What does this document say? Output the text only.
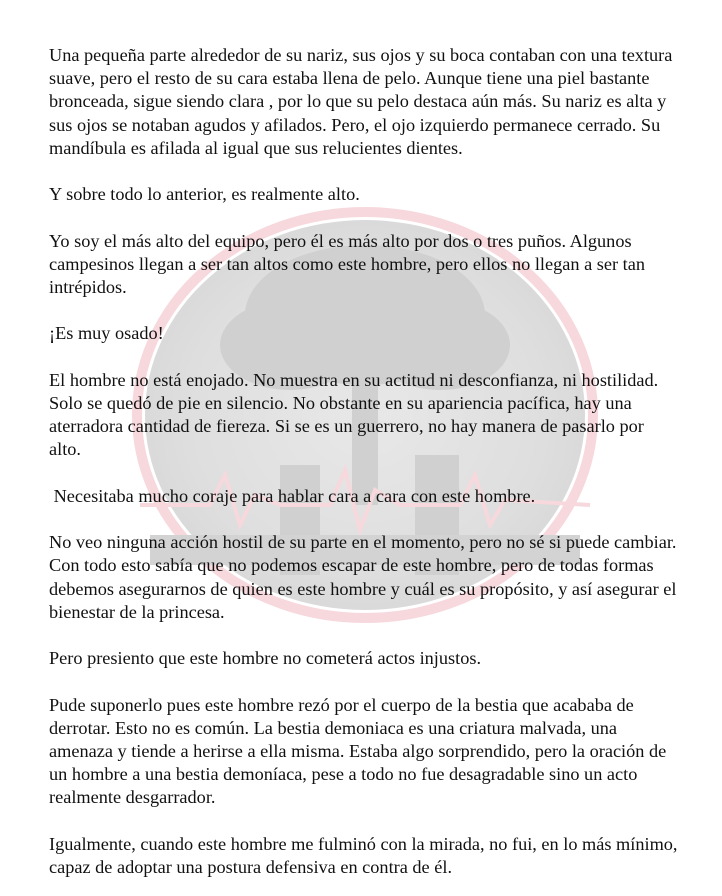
Una pequeña parte alrededor de su nariz, sus ojos y su boca contaban con una textura suave, pero el resto de su cara estaba llena de pelo. Aunque tiene una piel bastante bronceada, sigue siendo clara , por lo que su pelo destaca aún más. Su nariz es alta y sus ojos se notaban agudos y afilados. Pero, el ojo izquierdo permanece cerrado. Su mandíbula es afilada al igual que sus relucientes dientes.

Y sobre todo lo anterior, es realmente alto.

Yo soy el más alto del equipo, pero él es más alto por dos o tres puños. Algunos campesinos llegan a ser tan altos como este hombre, pero ellos no llegan a ser tan intrépidos.

¡Es muy osado!

El hombre no está enojado. No muestra en su actitud ni desconfianza, ni hostilidad. Solo se quedó de pie en silencio. No obstante en su apariencia pacífica, hay una aterradora cantidad de fiereza. Si se es un guerrero, no hay manera de pasarlo por alto.

Necesitaba mucho coraje para hablar cara a cara con este hombre.

No veo ninguna acción hostil de su parte en el momento, pero no sé si puede cambiar. Con todo esto sabía que no podemos escapar de este hombre, pero de todas formas debemos asegurarnos de quien es este hombre y cuál es su propósito, y así asegurar el bienestar de la princesa.

Pero presiento que este hombre no cometerá actos injustos.

Pude suponerlo pues este hombre rezó por el cuerpo de la bestia que acababa de derrotar. Esto no es común. La bestia demoniaca es una criatura malvada, una amenaza y tiende a herirse a ella misma. Estaba algo sorprendido, pero la oración de un hombre a una bestia demoníaca, pese a todo no fue desagradable sino un acto realmente desgarrador.

Igualmente, cuando este hombre me fulminó con la mirada, no fui, en lo más mínimo, capaz de adoptar una postura defensiva en contra de él.
